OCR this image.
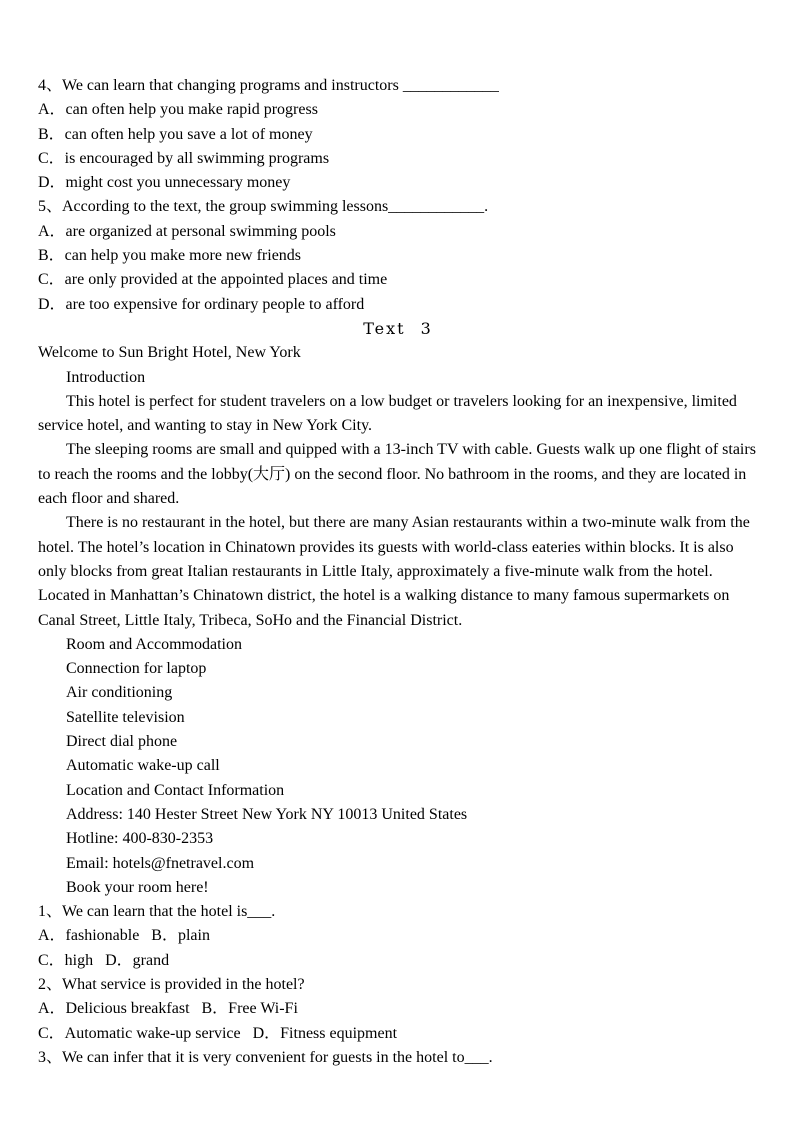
4、We can learn that changing programs and instructors ____________
A．can often help you make rapid progress
B．can often help you save a lot of money
C．is encouraged by all swimming programs
D．might cost you unnecessary money
5、According to the text, the group swimming lessons____________.
A．are organized at personal swimming pools
B．can help you make more new friends
C．are only provided at the appointed places and time
D．are too expensive for ordinary people to afford
Text 3
Welcome to Sun Bright Hotel, New York
Introduction
This hotel is perfect for student travelers on a low budget or travelers looking for an inexpensive, limited service hotel, and wanting to stay in New York City.
The sleeping rooms are small and quipped with a 13-inch TV with cable. Guests walk up one flight of stairs to reach the rooms and the lobby(大厅) on the second floor. No bathroom in the rooms, and they are located in each floor and shared.
There is no restaurant in the hotel, but there are many Asian restaurants within a two-minute walk from the hotel. The hotel’s location in Chinatown provides its guests with world-class eateries within blocks. It is also only blocks from great Italian restaurants in Little Italy, approximately a five-minute walk from the hotel. Located in Manhattan’s Chinatown district, the hotel is a walking distance to many famous supermarkets on Canal Street, Little Italy, Tribeca, SoHo and the Financial District.
Room and Accommodation
Connection for laptop
Air conditioning
Satellite television
Direct dial phone
Automatic wake-up call
Location and Contact Information
Address: 140 Hester Street New York NY 10013 United States
Hotline: 400-830-2353
Email: hotels@fnetravel.com
Book your room here!
1、We can learn that the hotel is___.
A．fashionable   B．plain
C．high   D．grand
2、What service is provided in the hotel?
A．Delicious breakfast   B．Free Wi-Fi
C．Automatic wake-up service   D．Fitness equipment
3、We can infer that it is very convenient for guests in the hotel to___.
